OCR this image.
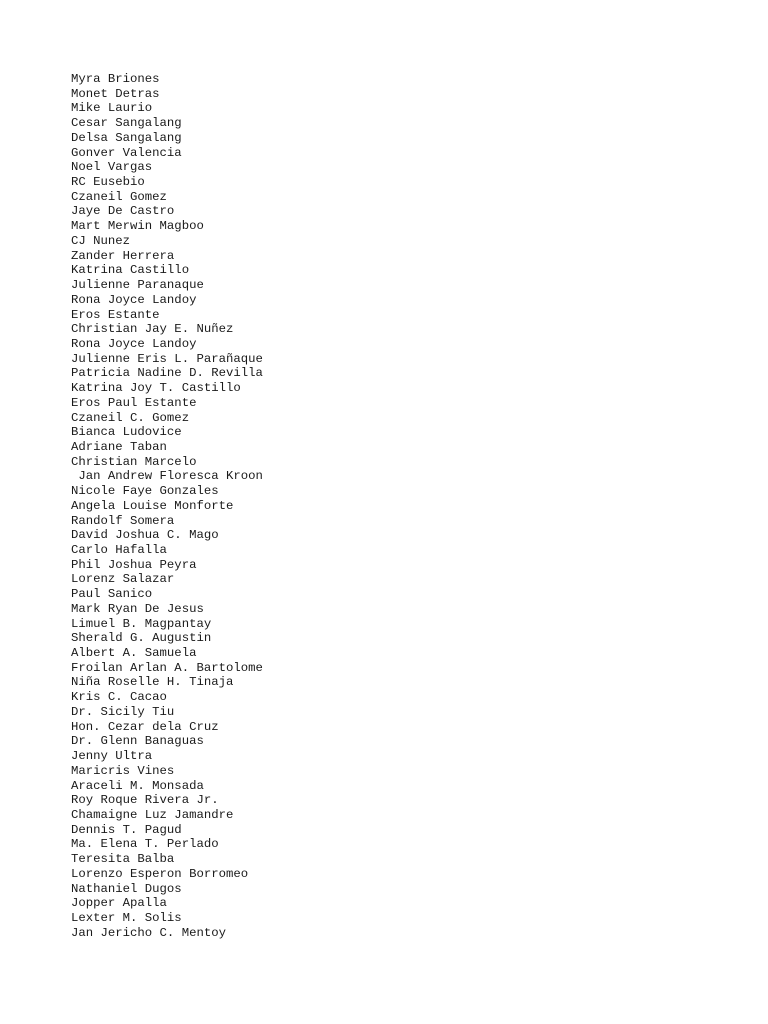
Myra Briones
Monet Detras
Mike Laurio
Cesar Sangalang
Delsa Sangalang
Gonver Valencia
Noel Vargas
RC Eusebio
Czaneil Gomez
Jaye De Castro
Mart Merwin Magboo
CJ Nunez
Zander Herrera
Katrina Castillo
Julienne Paranaque
Rona Joyce Landoy
Eros Estante
Christian Jay E. Nuñez
Rona Joyce Landoy
Julienne Eris L. Parañaque
Patricia Nadine D. Revilla
Katrina Joy T. Castillo
Eros Paul Estante
Czaneil C. Gomez
Bianca Ludovice
Adriane Taban
Christian Marcelo
Jan Andrew Floresca Kroon
Nicole Faye Gonzales
Angela Louise Monforte
Randolf Somera
David Joshua C. Mago
Carlo Hafalla
Phil Joshua Peyra
Lorenz Salazar
Paul Sanico
Mark Ryan De Jesus
Limuel B. Magpantay
Sherald G. Augustin
Albert A. Samuela
Froilan Arlan A. Bartolome
Niña Roselle H. Tinaja
Kris C. Cacao
Dr. Sicily Tiu
Hon. Cezar dela Cruz
Dr. Glenn Banaguas
Jenny Ultra
Maricris Vines
Araceli M. Monsada
Roy Roque Rivera Jr.
Chamaigne Luz Jamandre
Dennis T. Pagud
Ma. Elena T. Perlado
Teresita Balba
Lorenzo Esperon Borromeo
Nathaniel Dugos
Jopper Apalla
Lexter M. Solis
Jan Jericho C. Mentoy
